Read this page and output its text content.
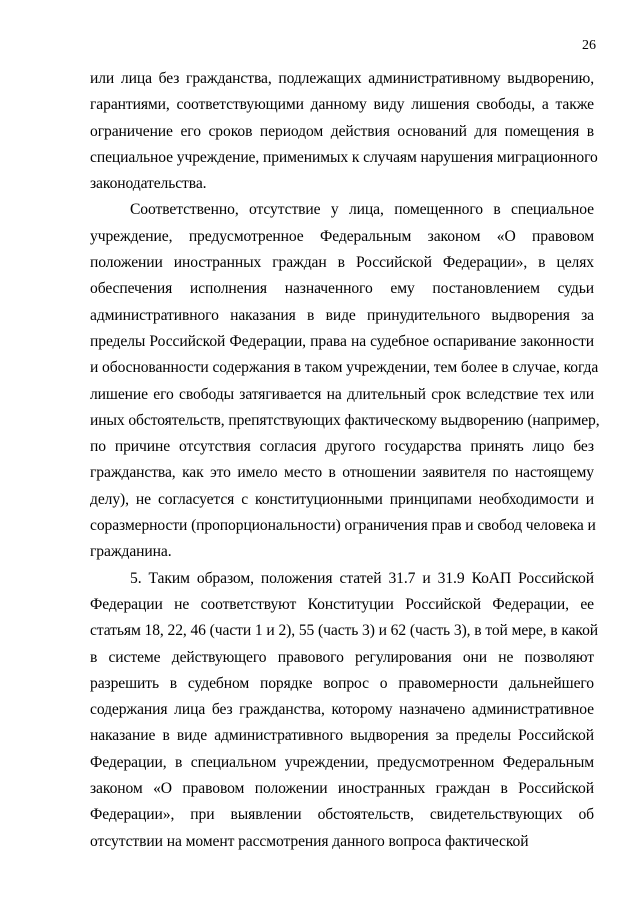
26
или лица без гражданства, подлежащих административному выдворению,
гарантиями, соответствующими данному виду лишения свободы, а также
ограничение его сроков периодом действия оснований для помещения в
специальное учреждение, применимых к случаям нарушения миграционного
законодательства.
Соответственно, отсутствие у лица, помещенного в специальное
учреждение, предусмотренное Федеральным законом «О правовом
положении иностранных граждан в Российской Федерации», в целях
обеспечения исполнения назначенного ему постановлением судьи
административного наказания в виде принудительного выдворения за
пределы Российской Федерации, права на судебное оспаривание законности
и обоснованности содержания в таком учреждении, тем более в случае, когда
лишение его свободы затягивается на длительный срок вследствие тех или
иных обстоятельств, препятствующих фактическому выдворению (например,
по причине отсутствия согласия другого государства принять лицо без
гражданства, как это имело место в отношении заявителя по настоящему
делу), не согласуется с конституционными принципами необходимости и
соразмерности (пропорциональности) ограничения прав и свобод человека и
гражданина.
5. Таким образом, положения статей 31.7 и 31.9 КоАП Российской
Федерации не соответствуют Конституции Российской Федерации, ее
статьям 18, 22, 46 (части 1 и 2), 55 (часть 3) и 62 (часть 3), в той мере, в какой
в системе действующего правового регулирования они не позволяют
разрешить в судебном порядке вопрос о правомерности дальнейшего
содержания лица без гражданства, которому назначено административное
наказание в виде административного выдворения за пределы Российской
Федерации, в специальном учреждении, предусмотренном Федеральным
законом «О правовом положении иностранных граждан в Российской
Федерации», при выявлении обстоятельств, свидетельствующих об
отсутствии на момент рассмотрения данного вопроса фактической
